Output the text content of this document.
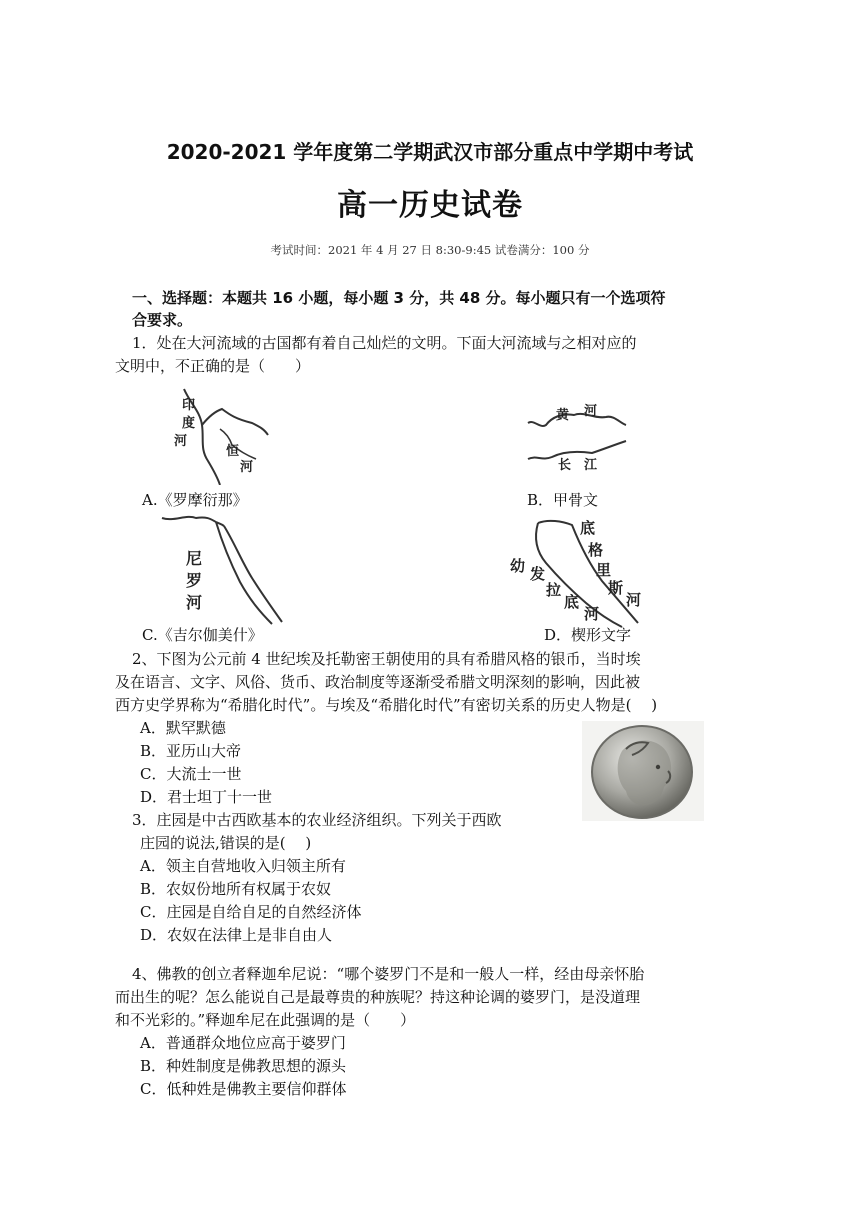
2020-2021 学年度第二学期武汉市部分重点中学期中考试
高一历史试卷
考试时间：2021 年 4 月 27 日 8:30-9:45 试卷满分：100 分
一、选择题：本题共 16 小题，每小题 3 分，共 48 分。每小题只有一个选项符
合要求。
1．处在大河流域的古国都有着自己灿烂的文明。下面大河流域与之相对应的
文明中，不正确的是（　　）
印
度
河
恒
河
A.《罗摩衍那》
黄 河
长 江
B．甲骨文
尼
罗
河
C.《吉尔伽美什》
底
格
里
斯
河
幼 发
拉
底
河
D．楔形文字
2、下图为公元前 4 世纪埃及托勒密王朝使用的具有希腊风格的银币，当时埃
及在语言、文字、风俗、货币、政治制度等逐渐受希腊文明深刻的影响，因此被
西方史学界称为“希腊化时代”。与埃及“希腊化时代”有密切关系的历史人物是(　 )
A．默罕默德
B．亚历山大帝
C．大流士一世
D．君士坦丁十一世
3．庄园是中古西欧基本的农业经济组织。下列关于西欧
庄园的说法,错误的是(　 )
A．领主自营地收入归领主所有
B．农奴份地所有权属于农奴
C．庄园是自给自足的自然经济体
D．农奴在法律上是非自由人
4、佛教的创立者释迦牟尼说：“哪个婆罗门不是和一般人一样，经由母亲怀胎
而出生的呢？怎么能说自己是最尊贵的种族呢？持这种论调的婆罗门，是没道理
和不光彩的。”释迦牟尼在此强调的是（　　）
A．普通群众地位应高于婆罗门
B．种姓制度是佛教思想的源头
C．低种姓是佛教主要信仰群体
